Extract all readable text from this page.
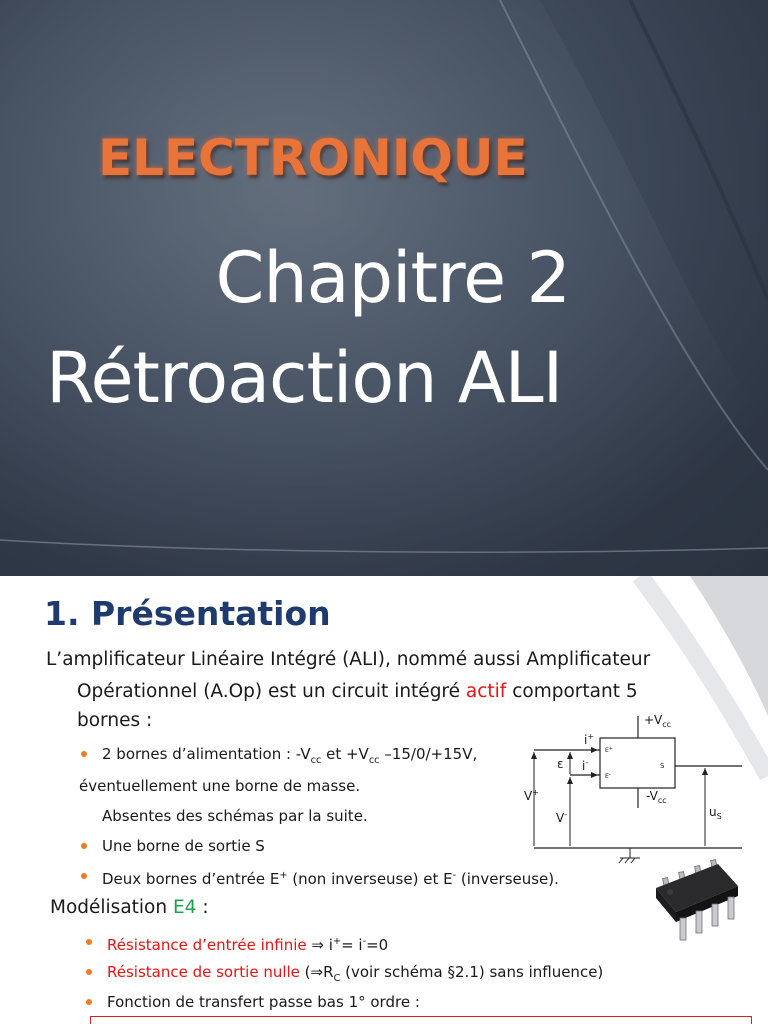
ELECTRONIQUE
Chapitre 2
Rétroaction ALI
1. Présentation

L’amplificateur Linéaire Intégré (ALI), nommé aussi Amplificateur

Opérationnel (A.Op) est un circuit intégré actif comportant 5

bornes :

2 bornes d’alimentation : $-V_{cc}$ et $+V_{cc}$ –15/0/+15V,

éventuellement une borne de masse.

Absentes des schémas par la suite.

Une borne de sortie S

Deux bornes d’entrée E+ (non inverseuse) et E- (inverseuse).

Modélisation E4 :

Résistance d’entrée infinie ⇒ i+= i-=0

Résistance de sortie nulle ($\Rightarrow R_C$ (voir schéma §2.1) sans influence)

Fonction de transfert passe bas 1° ordre :

$+V_{cc}$
$-V_{cc}$
i+
E+
i-
E-
ε	S
V+
V-	$u_S$
